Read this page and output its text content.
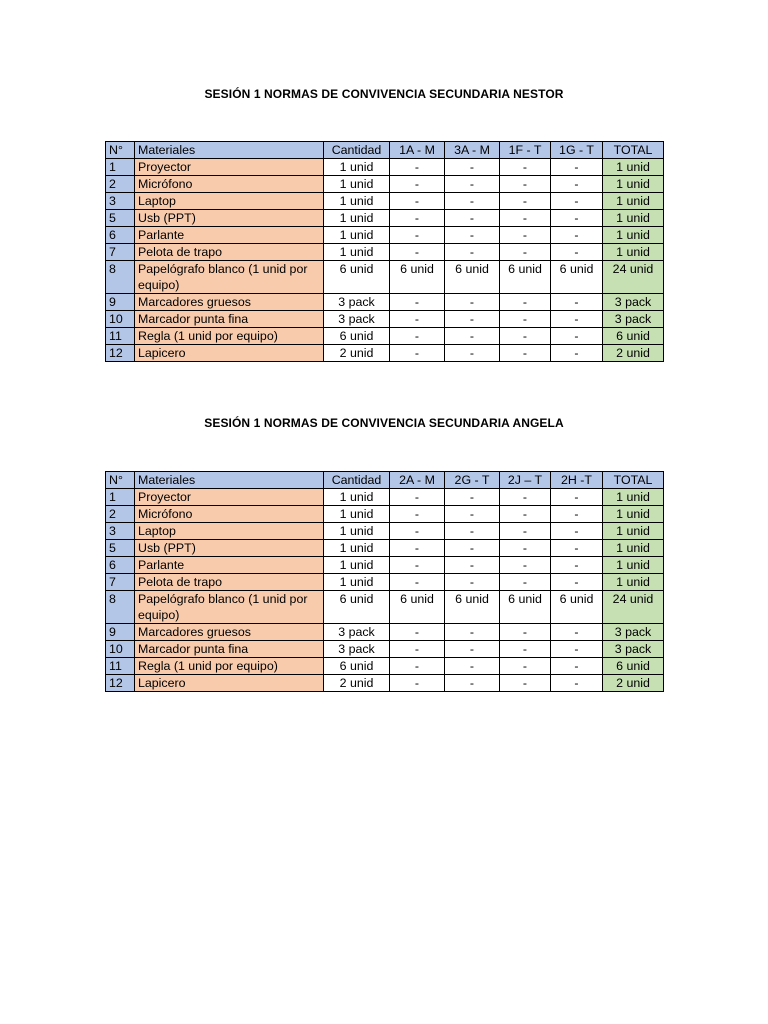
SESIÓN 1 NORMAS DE CONVIVENCIA SECUNDARIA NESTOR
N°	Materiales	Cantidad	1A - M	3A - M	1F - T	1G - T	TOTAL
1	Proyector	1 unid	-	-	-	-	1 unid
2	Micrófono	1 unid	-	-	-	-	1 unid
3	Laptop	1 unid	-	-	-	-	1 unid
5	Usb (PPT)	1 unid	-	-	-	-	1 unid
6	Parlante	1 unid	-	-	-	-	1 unid
7	Pelota de trapo	1 unid	-	-	-	-	1 unid
8	Papelógrafo blanco (1 unid por equipo)	6 unid	6 unid	6 unid	6 unid	6 unid	24 unid
9	Marcadores gruesos	3 pack	-	-	-	-	3 pack
10	Marcador punta fina	3 pack	-	-	-	-	3 pack
11	Regla (1 unid por equipo)	6 unid	-	-	-	-	6 unid
12	Lapicero	2 unid	-	-	-	-	2 unid
SESIÓN 1 NORMAS DE CONVIVENCIA SECUNDARIA ANGELA
N°	Materiales	Cantidad	2A - M	2G - T	2J – T	2H -T	TOTAL
1	Proyector	1 unid	-	-	-	-	1 unid
2	Micrófono	1 unid	-	-	-	-	1 unid
3	Laptop	1 unid	-	-	-	-	1 unid
5	Usb (PPT)	1 unid	-	-	-	-	1 unid
6	Parlante	1 unid	-	-	-	-	1 unid
7	Pelota de trapo	1 unid	-	-	-	-	1 unid
8	Papelógrafo blanco (1 unid por equipo)	6 unid	6 unid	6 unid	6 unid	6 unid	24 unid
9	Marcadores gruesos	3 pack	-	-	-	-	3 pack
10	Marcador punta fina	3 pack	-	-	-	-	3 pack
11	Regla (1 unid por equipo)	6 unid	-	-	-	-	6 unid
12	Lapicero	2 unid	-	-	-	-	2 unid
